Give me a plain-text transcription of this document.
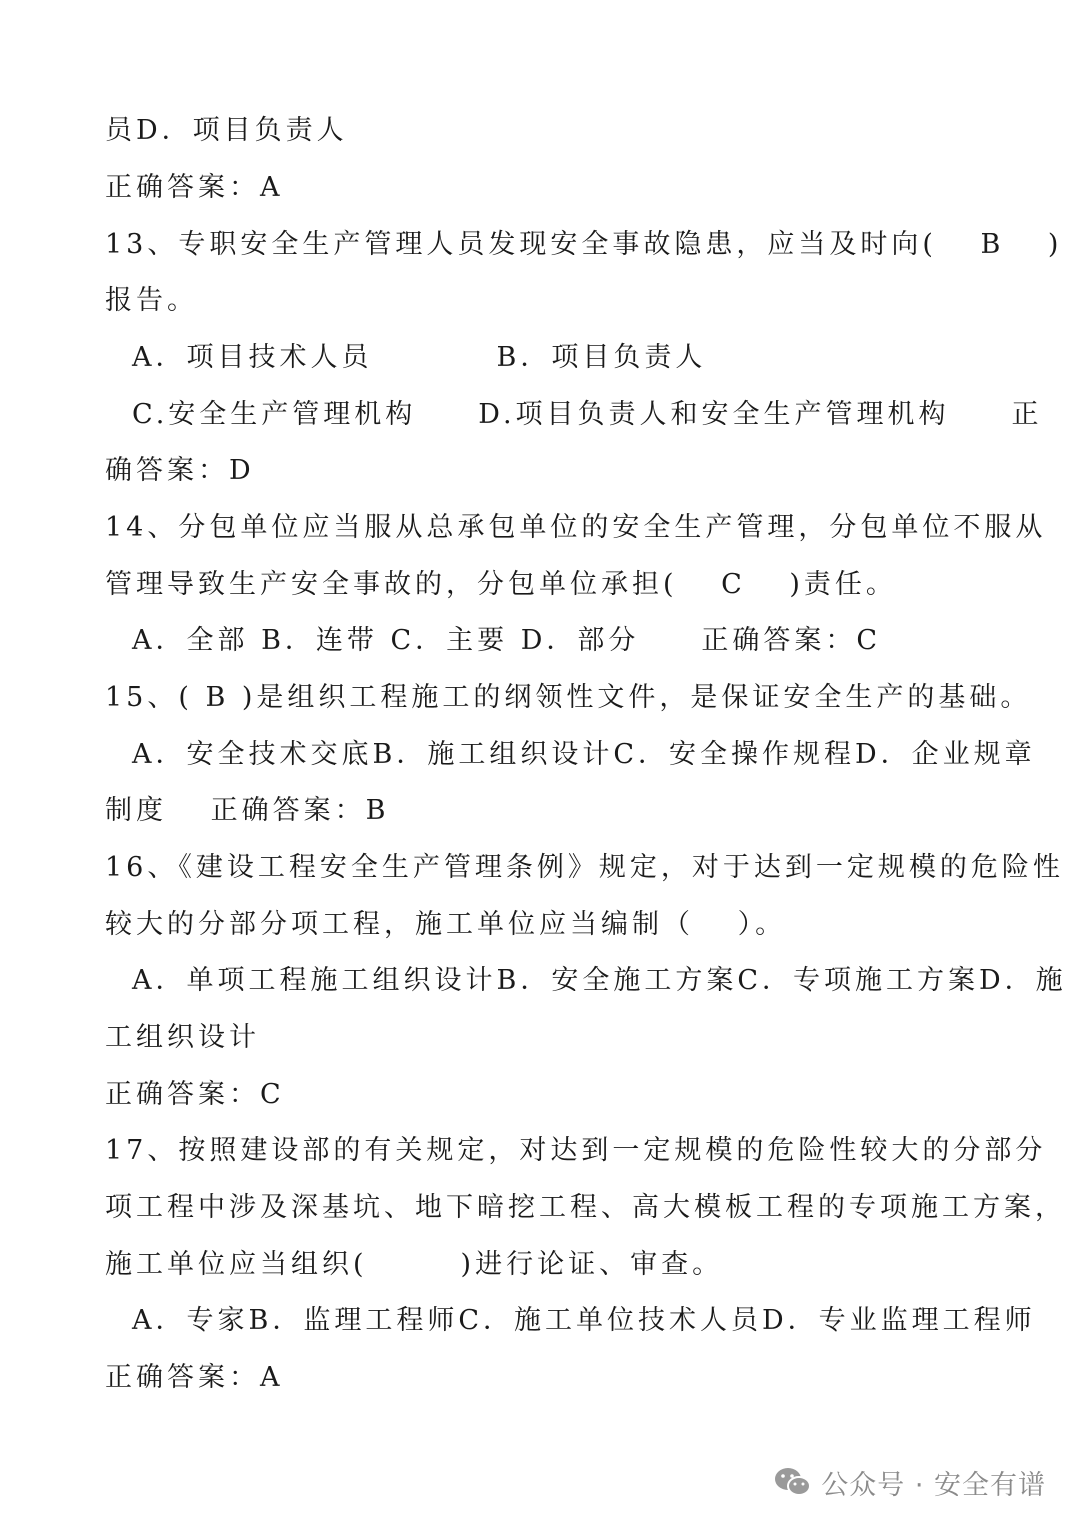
员D．项目负责人

正确答案：A

13、专职安全生产管理人员发现安全事故隐患，应当及时向(　 B　 )

报告。

A．项目技术人员　　　　B．项目负责人

C.安全生产管理机构　　D.项目负责人和安全生产管理机构　　正

确答案：D

14、分包单位应当服从总承包单位的安全生产管理，分包单位不服从

管理导致生产安全事故的，分包单位承担(　 C　 )责任。

A．全部 B．连带 C．主要 D．部分　　正确答案：C

15、( B )是组织工程施工的纲领性文件，是保证安全生产的基础。

A．安全技术交底B．施工组织设计C．安全操作规程D．企业规章

制度　 正确答案：B

16、《建设工程安全生产管理条例》规定，对于达到一定规模的危险性

较大的分部分项工程，施工单位应当编制（　 ）。

A．单项工程施工组织设计B．安全施工方案C．专项施工方案D．施

工组织设计

正确答案：C

17、按照建设部的有关规定，对达到一定规模的危险性较大的分部分

项工程中涉及深基坑、地下暗挖工程、高大模板工程的专项施工方案，

施工单位应当组织(　　　)进行论证、审查。

A．专家B．监理工程师C．施工单位技术人员D．专业监理工程师

正确答案：A

公众号 · 安全有谱
